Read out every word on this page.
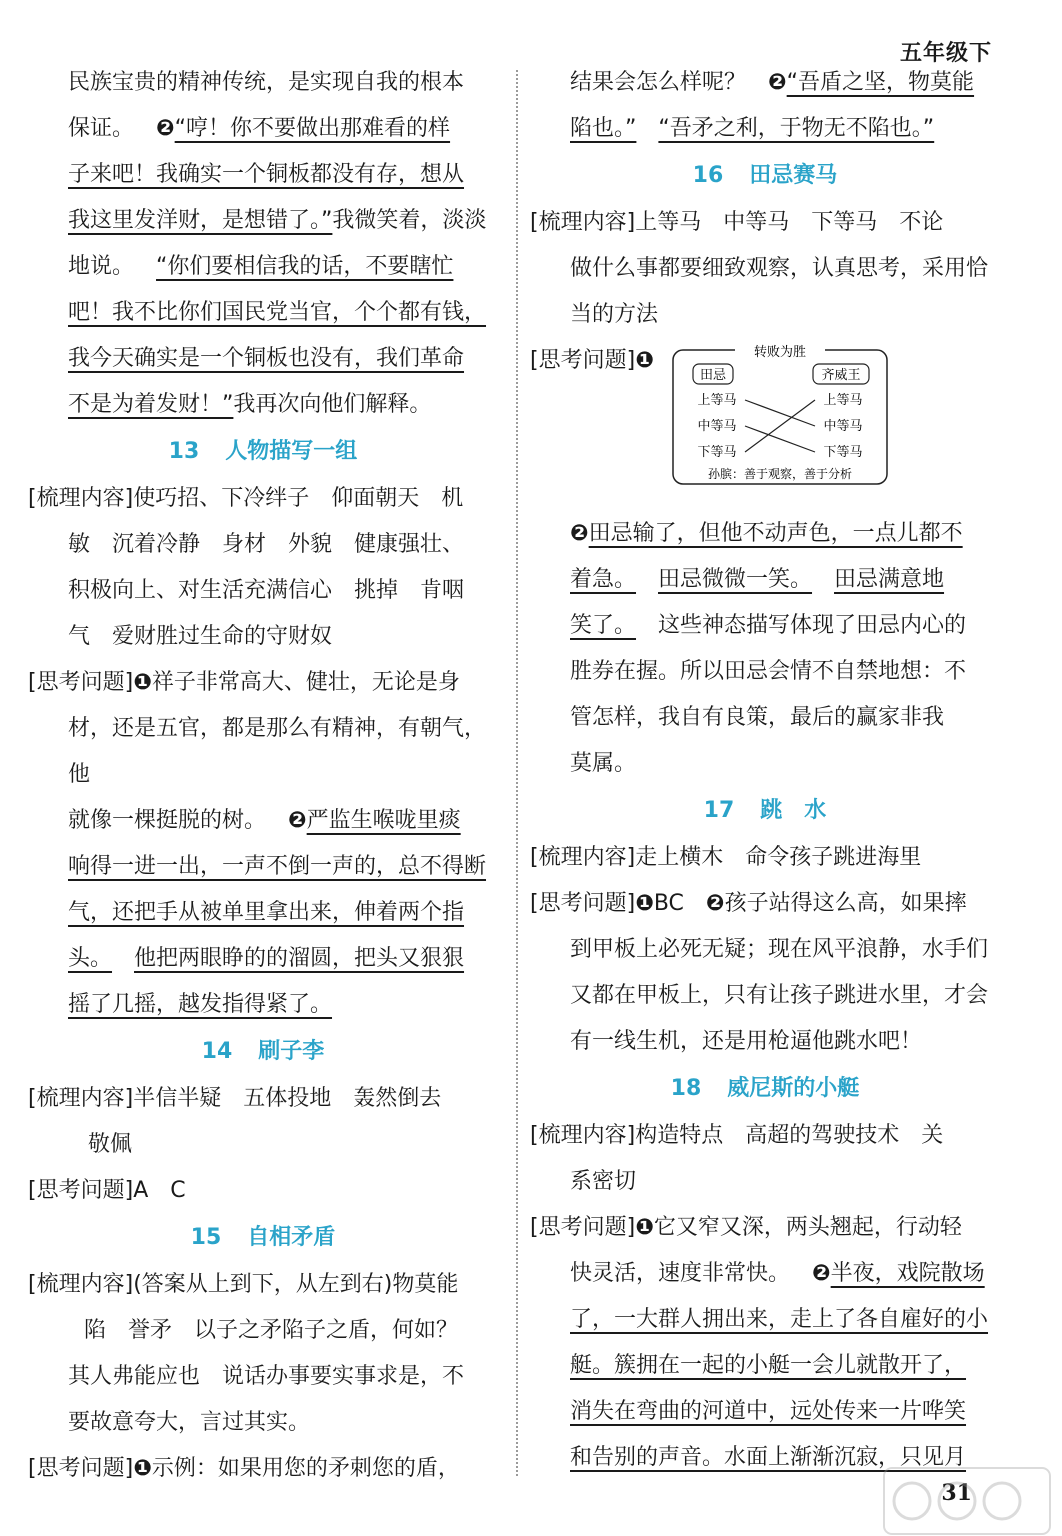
五年级下

民族宝贵的精神传统，是实现自我的根本

保证。 ❷“哼！你不要做出那难看的样

子来吧！我确实一个铜板都没有存，想从

我这里发洋财，是想错了。”我微笑着，淡淡

地说。 “你们要相信我的话，不要瞎忙

吧！我不比你们国民党当官，个个都有钱，

我今天确实是一个铜板也没有，我们革命

不是为着发财！”我再次向他们解释。

13 人物描写一组

[ 梳理内容 ] 使巧招、下冷绊子　仰面朝天　机

敏　沉着冷静　身材　外貌　健康强壮、

积极向上、对生活充满信心　挑掉　肯咽

气　爱财胜过生命的守财奴

[ 思考问题 ] ❶祥子非常高大、健壮，无论是身

材，还是五官，都是那么有精神，有朝气，他

就像一棵挺脱的树。 ❷严监生喉咙里痰

响得一进一出，一声不倒一声的，总不得断

气，还把手从被单里拿出来，伸着两个指

头。 他把两眼睁的的溜圆，把头又狠狠

摇了几摇，越发指得紧了。

14 刷子李

[ 梳理内容 ] 半信半疑　五体投地　轰然倒去

敬佩

[ 思考问题 ] A　C

15 自相矛盾

[ 梳理内容 ] (答案从上到下，从左到右)物莫能

陷　誉矛　以子之矛陷子之盾，何如？

其人弗能应也　说话办事要实事求是，不

要故意夸大，言过其实。

[ 思考问题 ] ❶示例：如果用您的矛刺您的盾，

结果会怎么样呢？ ❷“吾盾之坚，物莫能

陷也。” “吾矛之利，于物无不陷也。”

16 田忌赛马

[ 梳理内容 ] 上等马　中等马　下等马　不论

做什么事都要细致观察，认真思考，采用恰

当的方法

[ 思考问题 ] ❶	转败为胜
田忌	齐威王
上等马
中等马
下等马
上等马
中等马
下等马
孙膑：善于观察，善于分析

❷田忌输了，但他不动声色，一点儿都不

着急。 田忌微微一笑。 田忌满意地

笑了。 这些神态描写体现了田忌内心的

胜券在握。所以田忌会情不自禁地想：不

管怎样，我自有良策，最后的赢家非我

莫属。

17 跳　水

[ 梳理内容 ] 走上横木　命令孩子跳进海里

[ 思考问题 ] ❶BC ❷孩子站得这么高，如果摔

到甲板上必死无疑；现在风平浪静，水手们

又都在甲板上，只有让孩子跳进水里，才会

有一线生机，还是用枪逼他跳水吧！

18 威尼斯的小艇

[ 梳理内容 ] 构造特点　高超的驾驶技术　关

系密切

[ 思考问题 ] ❶它又窄又深，两头翘起，行动轻

快灵活，速度非常快。 ❷半夜，戏院散场

了，一大群人拥出来，走上了各自雇好的小

艇。簇拥在一起的小艇一会儿就散开了，

消失在弯曲的河道中，远处传来一片哗笑

和告别的声音。水面上渐渐沉寂，只见月

31
